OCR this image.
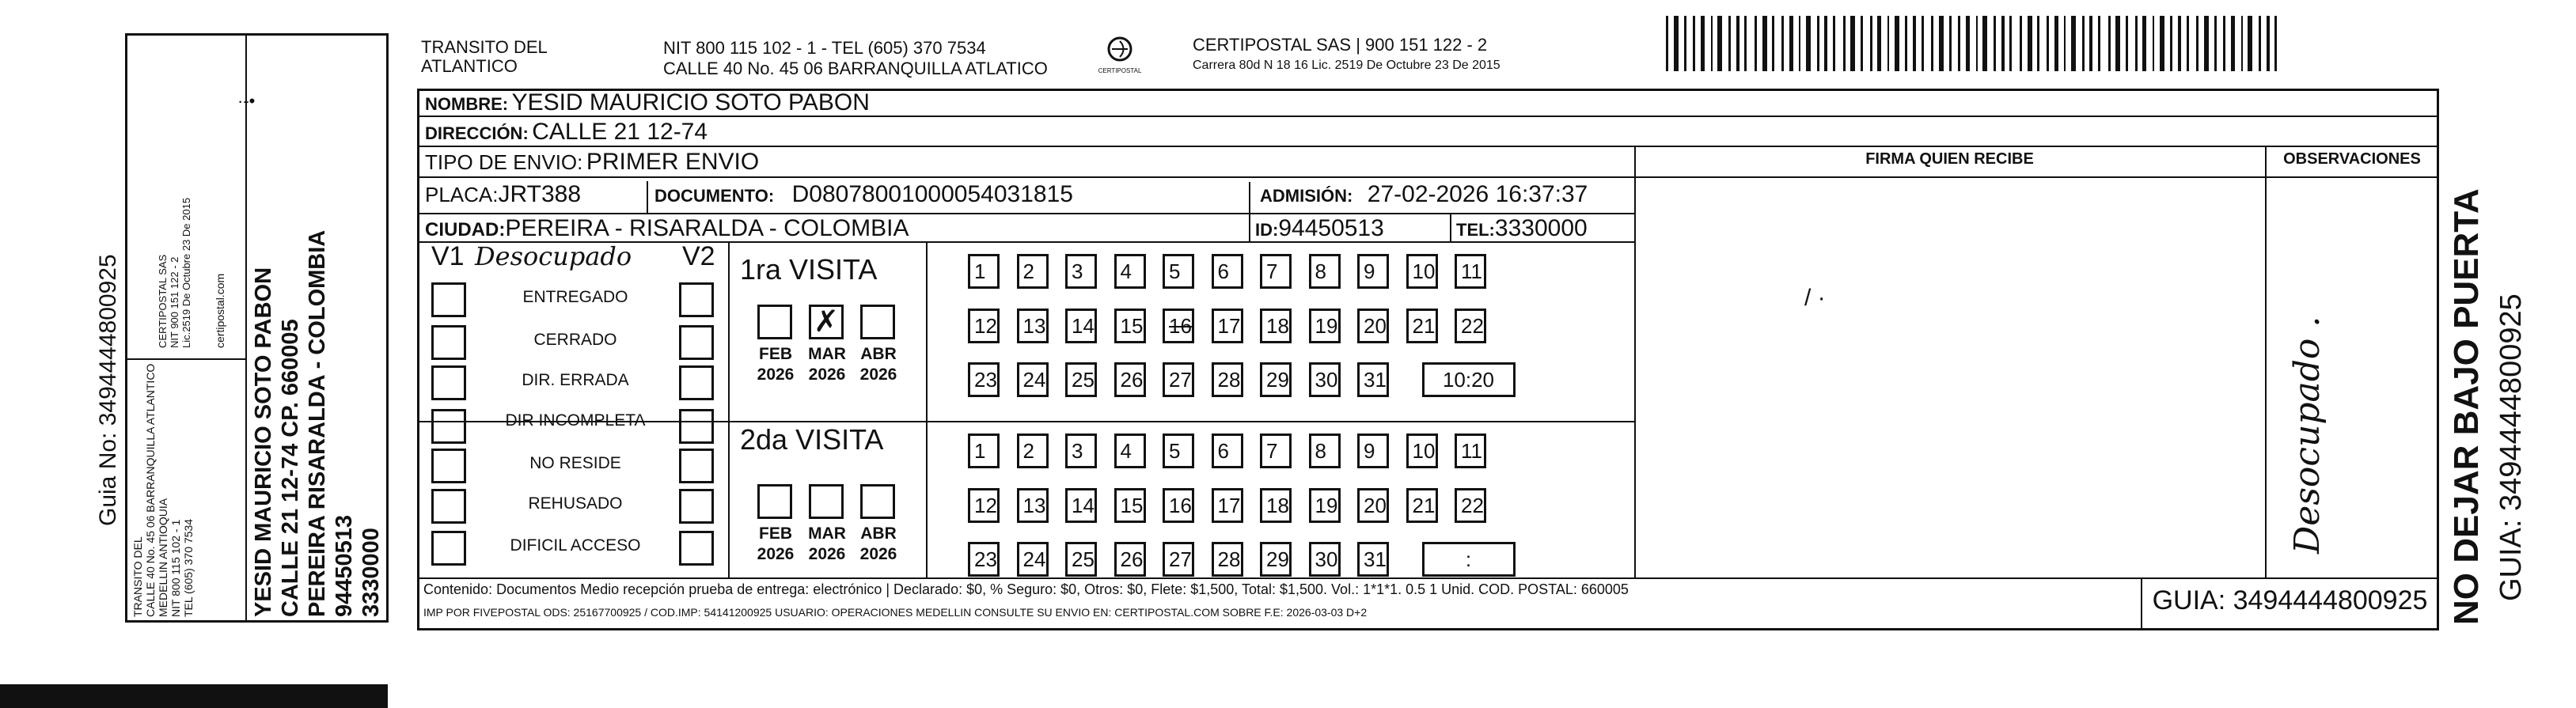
Guia No: 3494444800925
TRANSITO DEL CALLE 40 No. 45 06 BARRANQUILLA ATLANTICO MEDELLIN ANTIOQUIA NIT 800 115 102 - 1 TEL (605) 370 7534
CERTIPOSTAL SAS NIT 900 151 122 - 2 Lic.2519 De Octubre 23 De 2015 certipostal.com YESID MAURICIO SOTO PABON CALLE 21 12-74 CP. 660005 PEREIRA RISARALDA - COLOMBIA 94450513 3330000
·-•
TRANSITO DEL
ATLANTICO
NIT 800 115 102 - 1 - TEL (605) 370 7534
CALLE 40 No. 45 06 BARRANQUILLA ATLATICO	CERTIPOSTAL
CERTIPOSTAL SAS | 900 151 122 - 2
Carrera 80d N 18 16 Lic. 2519 De Octubre 23 De 2015
NOMBRE: YESID MAURICIO SOTO PABON
DIRECCIÓN: CALLE 21 12-74
TIPO DE ENVIO: PRIMER ENVIO
PLACA:JRT388	DOCUMENTO: D08078001000054031815	ADMISIÓN: 27-02-2026 16:37:37
CIUDAD:PEREIRA - RISARALDA - COLOMBIA	ID:94450513	TEL:3330000
FIRMA QUIEN RECIBE	OBSERVACIONES
Desocupado .
/ ·
V1 Desocupado V2
ENTREGADO
CERRADO
DIR. ERRADA
DIR INCOMPLETA
NO RESIDE
REHUSADO
DIFICIL ACCESO
1ra VISITA
FEB
2026
✗
MAR
2026
ABR
2026
1	2	3	4	5	6	7	8	9	10	11
12	13	14	15	16	17	18	19	20	21	22
23	24	25	26	27	28	29	30	31	10:20
2da VISITA
FEB
2026
MAR
2026
ABR
2026
1	2	3	4	5	6	7	8	9	10	11
12	13	14	15	16	17	18	19	20	21	22
23	24	25	26	27	28	29	30	31	:
Contenido: Documentos Medio recepción prueba de entrega: electrónico | Declarado: $0, % Seguro: $0, Otros: $0, Flete: $1,500, Total: $1,500. Vol.: 1*1*1. 0.5 1 Unid. COD. POSTAL: 660005
IMP POR FIVEPOSTAL ODS: 25167700925 / COD.IMP: 54141200925 USUARIO: OPERACIONES MEDELLIN CONSULTE SU ENVIO EN: CERTIPOSTAL.COM SOBRE F.E: 2026-03-03 D+2	GUIA: 3494444800925 NO DEJAR BAJO PUERTA GUIA: 3494444800925
